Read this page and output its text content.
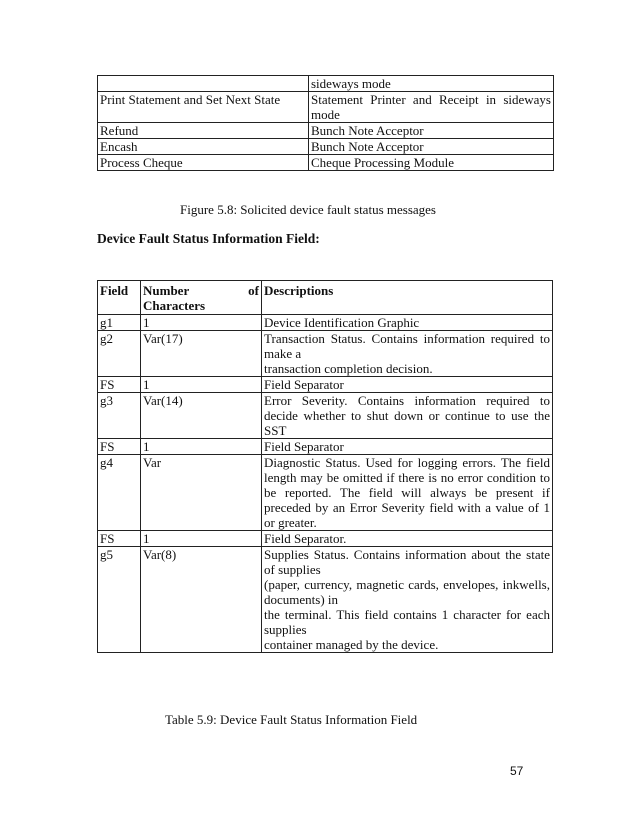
	sideways mode
Print Statement and Set Next State	Statement Printer and Receipt in sideways mode
Refund	Bunch Note Acceptor
Encash	Bunch Note Acceptor
Process Cheque	Cheque Processing Module
Figure 5.8: Solicited device fault status messages
Device Fault Status Information Field:
Field	Number of Characters	Descriptions
g1	1	Device Identification Graphic

g2	Var(17)	Transaction Status. Contains information required to make a
transaction completion decision.

FS	1	Field Separator

g3	Var(14)	Error Severity. Contains information required to decide whether to shut down or continue to use the SST

FS	1	Field Separator

g4	Var	Diagnostic Status. Used for logging errors. The field length may be omitted if there is no error condition to be reported. The field will always be present if preceded by an Error Severity field with a value of 1 or greater.

FS	1	Field Separator.

g5	Var(8)	Supplies Status. Contains information about the state of supplies
(paper, currency, magnetic cards, envelopes, inkwells, documents) in
the terminal. This field contains 1 character for each supplies
container managed by the device.
Table 5.9: Device Fault Status Information Field
57
